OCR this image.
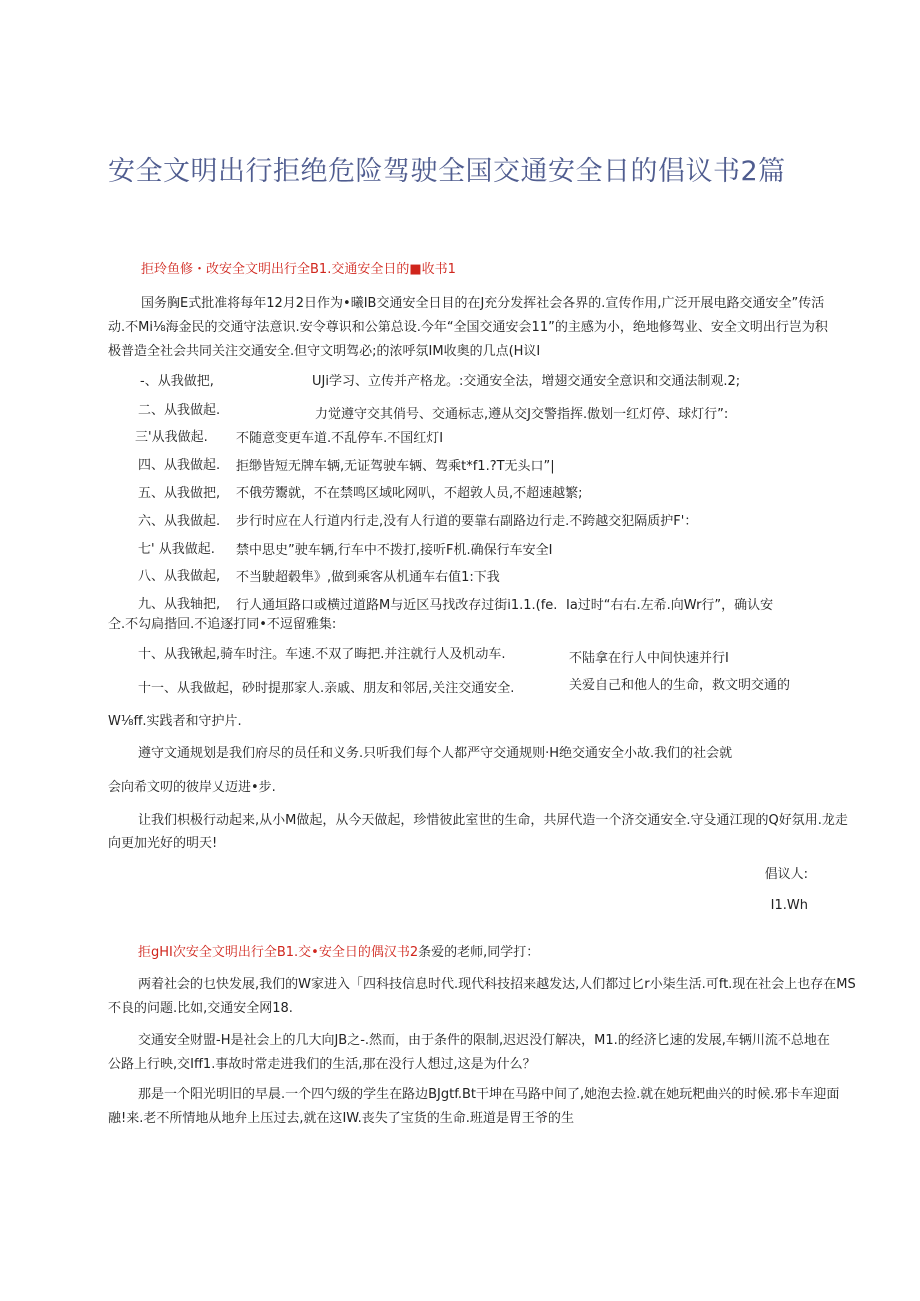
安全文明出行拒绝危险驾驶全国交通安全日的倡议书2篇
拒玲鱼修・改安全文明出行全B1.交通安全日的■收书1
国务胸E式批准将每年12月2日作为•曦IB交通安全日目的在J充分发挥社会各界的.宣传作用,广泛开展电路交通安全”传活
动.不Mi⅛海金民的交通守法意识.安令尊识和公第总设.今年“全国交通安会11”的主感为小，绝地修驾业、安全文明出行岂为积
极普造全社会共同关注交通安全.但守文明驾必;的浓呼氛IM收奥的几点(H议I
-、从我做把,	UJi学习、立传并产格龙。:交通安全法，增翅交通安全意识和交通法制观.2;
二、从我做起.	力觉遵守交其俏号、交通标志,遵从交J交警指挥.傲划一红灯停、球灯行”:
三'从我做起. 不随意变更车道.不乱停车.不国红灯I
四、从我做起. 拒缈皆短无牌车辆,无证驾驶车辆、驾乘t*f1.?T无头口”|
五、从我做把, 不俄劳鬻就，不在禁鸣区域叱网叭，不超敦人员,不超速越繁;
六、从我做起. 步行时应在人行道内行走,没有人行道的要靠右副路边行走.不跨越交犯隔质护F'：
七' 从我做起. 禁中思史”驶车辆,行车中不拨打,接听F机.确保行车安全I
八、从我做起, 不当駛超毂隼》,做到乘客从机通车右值1:下我
九、从我轴把, 行人通垣路口或横过道路M与近区马找改存过街i1.1.(fe. Ia过时“右右.左希.向Wr行”，确认安
仝.不勾扃揩回.不追逐打同•不逗留雅集:
十、从我锹起,骑车时注。车速.不双了晦把.并注就行人及机动车.	不陆拿在行人中间快速并行I
十一、从我做起，砂时提那家人.亲戚、朋友和邻居,关注交通安全.	关爱自己和他人的生命，救文明交通的
W⅛ff.实践者和守护片.
遵守文通规划是我们府尽的员任和义务.只听我们每个人都严守交通规则·H绝交通安全小故.我们的社会就
会向希文叨的彼岸乂迈进•步.
让我们枳极行动起来,从小M做起，从今天做起，珍惜彼此室世的生命，共屏代造一个济交通安全.守殳通江现的Q好氛用.龙走
向更加光好的明天!
倡议人:
I1.Wh
拒gHI次安全文明出行全B1.交•安全日的偶汉书2条爱的老师,同学打：
两着社会的乜快发展,我们的W家进入「四科技信息时代.现代科技招来越发达,人们都过匕r小柒生活.可ft.现在社会上也存在MS
不良的问题.比如,交通安全网18.
交通安全财盟-H是社会上的几大向JB之-.然而，由于条件的限制,迟迟没仃解决，M1.的经济匕速的发展,车辆川流不总地在
公路上行映,交Iff1.事故时常走进我们的生活,那在没行人想过,这是为什么？
那是一个阳光明旧的早晨.一个四勺级的学生在路边BJgtf.Bt干坤在马路中间了,她泡去捡.就在她玩粑曲兴的时候.邪卡车迎面
融!来.老不所情地从地弁上压过去,就在这IW.丧失了宝货的生命.班道是胃王爷的生
